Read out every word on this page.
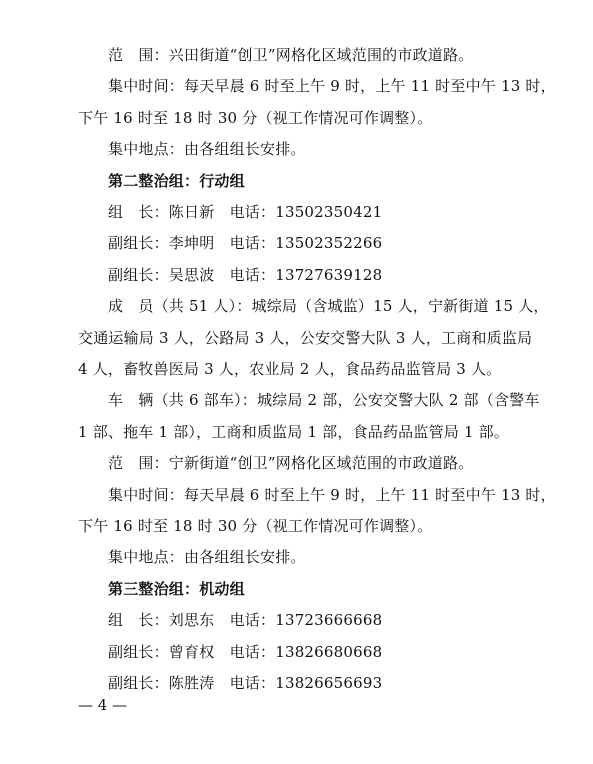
范　围：兴田街道“创卫”网格化区域范围的市政道路。
集中时间：每天早晨 6 时至上午 9 时，上午 11 时至中午 13 时，
下午 16 时至 18 时 30 分（视工作情况可作调整）。
集中地点：由各组组长安排。
第二整治组：行动组
组　长：陈日新　电话：13502350421
副组长：李坤明　电话：13502352266
副组长：吴思波　电话：13727639128
成　员（共 51 人）：城综局（含城监）15 人，宁新街道 15 人，
交通运输局 3 人，公路局 3 人，公安交警大队 3 人，工商和质监局
4 人，畜牧兽医局 3 人，农业局 2 人，食品药品监管局 3 人。
车　辆（共 6 部车）：城综局 2 部，公安交警大队 2 部（含警车
1 部、拖车 1 部），工商和质监局 1 部，食品药品监管局 1 部。
范　围：宁新街道“创卫”网格化区域范围的市政道路。
集中时间：每天早晨 6 时至上午 9 时，上午 11 时至中午 13 时，
下午 16 时至 18 时 30 分（视工作情况可作调整）。
集中地点：由各组组长安排。
第三整治组：机动组
组　长：刘思东　电话：13723666668
副组长：曾育权　电话：13826680668
副组长：陈胜涛　电话：13826656693
— 4 —
